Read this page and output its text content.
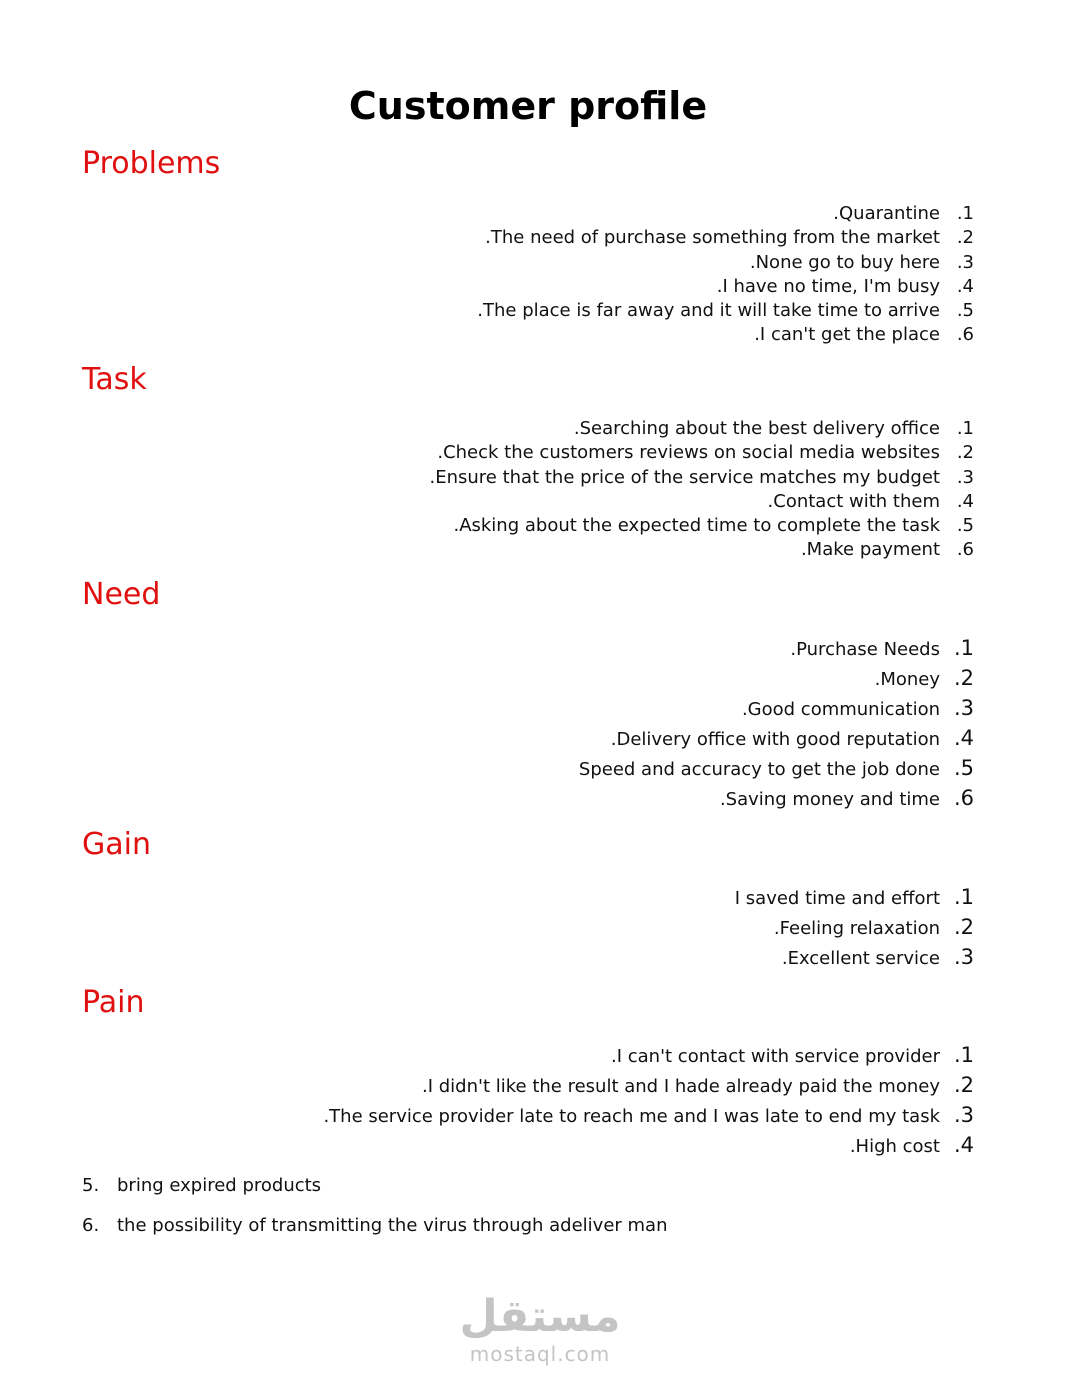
Customer profile
Problems
.Quarantine .1
.The need of purchase something from the market .2
.None go to buy here .3
.I have no time, I'm busy .4
.The place is far away and it will take time to arrive .5
.I can't get the place .6
Task
.Searching about the best delivery office .1
.Check the customers reviews on social media websites .2
.Ensure that the price of the service matches my budget .3
.Contact with them .4
.Asking about the expected time to complete the task .5
.Make payment .6
Need
.Purchase Needs .1
.Money .2
.Good communication .3
.Delivery office with good reputation .4
Speed and accuracy to get the job done .5
.Saving money and time .6
Gain
I saved time and effort .1
.Feeling relaxation .2
.Excellent service .3
Pain
.I can't contact with service provider .1
.I didn't like the result and I hade already paid the money .2
.The service provider late to reach me and I was late to end my task .3
.High cost .4
5. bring expired products
6. the possibility of transmitting the virus through adeliver man
مستقل
mostaql.com
